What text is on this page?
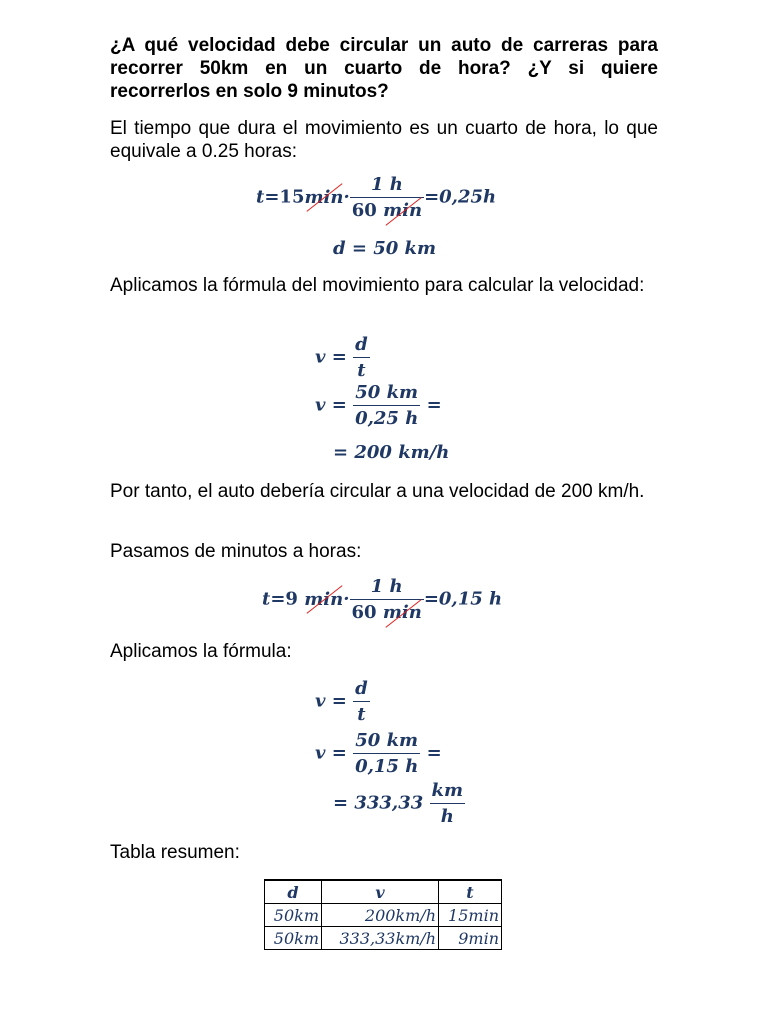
¿A qué velocidad debe circular un auto de carreras para recorrer 50km en un cuarto de hora? ¿Y si quiere recorrerlos en solo 9 minutos?

El tiempo que dura el movimiento es un cuarto de hora, lo que equivale a 0.25 horas:

$t=15\min\cdot \frac{1 h}{60 \min} =0,25h$
d = 50 km

Aplicamos la fórmula del movimiento para calcular la velocidad:

$v = \frac{d}{t}$
$v = \frac{50 km}{0,25 h}$ =
= 200 km/h

Por tanto, el auto debería circular a una velocidad de 200 km/h.

Pasamos de minutos a horas:

t=9 $\min\cdot \frac{1 h}{60 \min} =0,15$ h

Aplicamos la fórmula:

$v = \frac{d}{t}$
$v = \frac{50 km}{0,15 h}$ =
= $333,33 \frac{km}{h}$

Tabla resumen:

d	v	t
50km	200km/h	15min
50km	333,33km/h	9min
